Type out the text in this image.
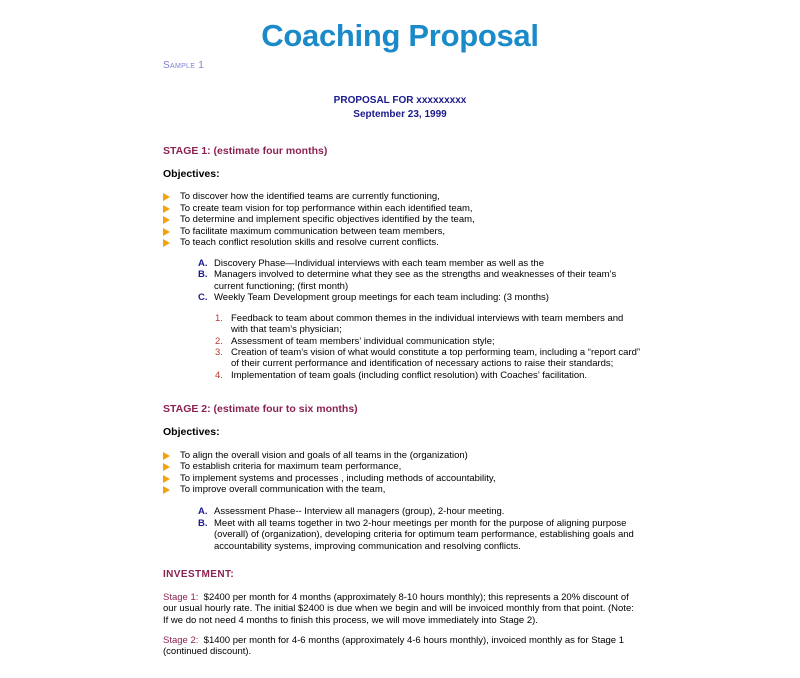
Coaching Proposal
Sample 1
PROPOSAL FOR xxxxxxxxx
September 23, 1999
STAGE 1: (estimate four months)
Objectives:
To discover how the identified teams are currently functioning,
To create team vision for top performance within each identified team,
To determine and implement specific objectives identified by the team,
To facilitate maximum communication between team members,
To teach conflict resolution skills and resolve current conflicts.
A. Discovery Phase—Individual interviews with each team member as well as the
B. Managers involved to determine what they see as the strengths and weaknesses of their team’s
current functioning; (first month)
C. Weekly Team Development group meetings for each team including: (3 months)
1. Feedback to team about common themes in the individual interviews with team members and
with that team’s physician;
2. Assessment of team members’ individual communication style;
3. Creation of team’s vision of what would constitute a top performing team, including a “report card”
of their current performance and identification of necessary actions to raise their standards;
4. Implementation of team goals (including conflict resolution) with Coaches’ facilitation.
STAGE 2: (estimate four to six months)
Objectives:
To align the overall vision and goals of all teams in the (organization)
To establish criteria for maximum team performance,
To implement systems and processes , including methods of accountability,
To improve overall communication with the team,
A. Assessment Phase-- Interview all managers (group), 2-hour meeting.
B. Meet with all teams together in two 2-hour meetings per month for the purpose of aligning purpose
(overall) of (organization), developing criteria for optimum team performance, establishing goals and
accountability systems, improving communication and resolving conflicts.
INVESTMENT:
Stage 1:  $2400 per month for 4 months (approximately 8-10 hours monthly); this represents a 20% discount of
our usual hourly rate. The initial $2400 is due when we begin and will be invoiced monthly from that point. (Note:
If we do not need 4 months to finish this process, we will move immediately into Stage 2).
Stage 2:  $1400 per month for 4-6 months (approximately 4-6 hours monthly), invoiced monthly as for Stage 1
(continued discount).
